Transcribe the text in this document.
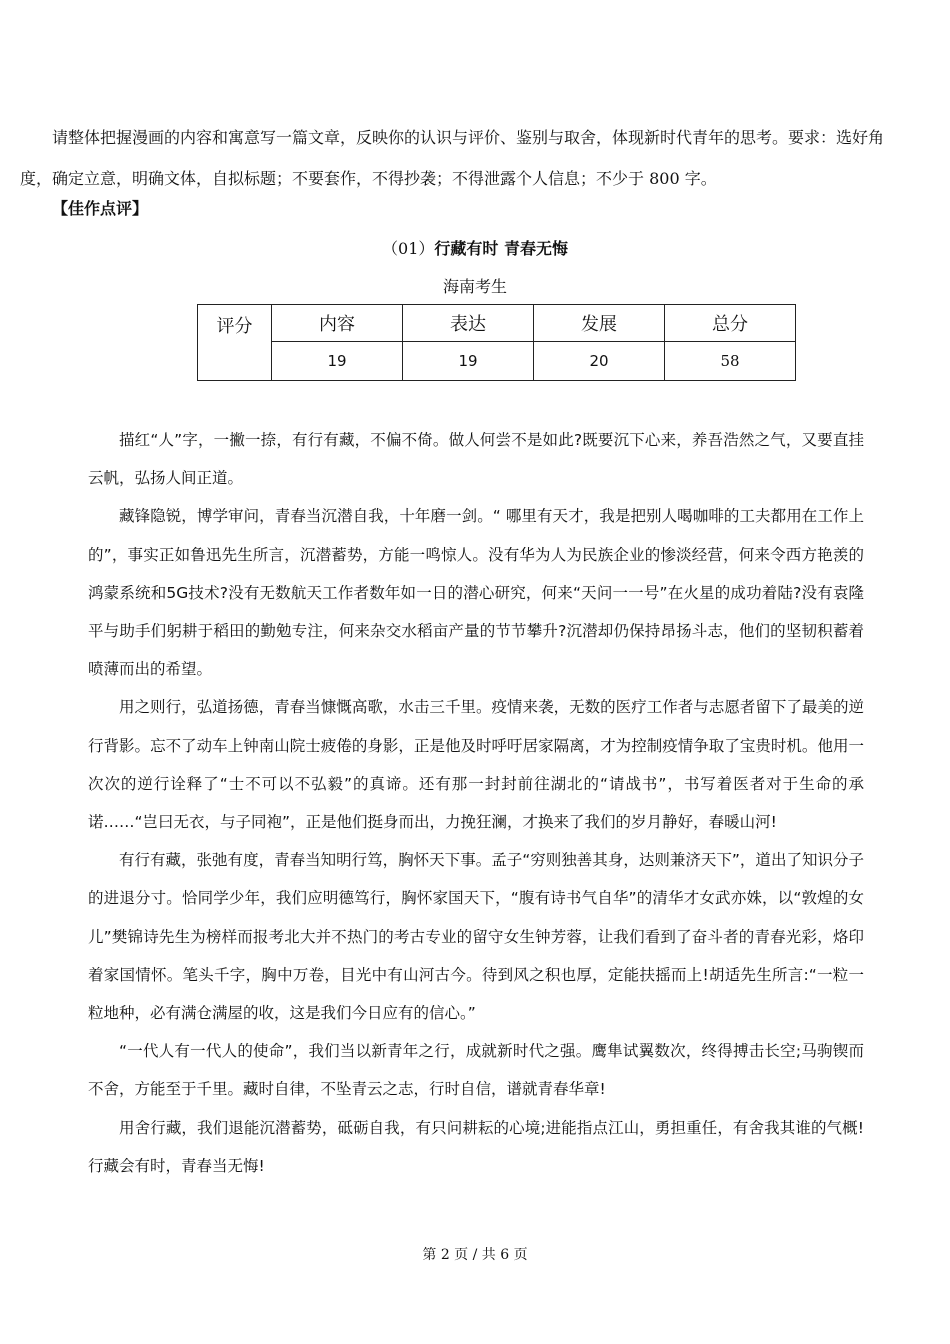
请整体把握漫画的内容和寓意写一篇文章，反映你的认识与评价、鉴别与取舍，体现新时代青年的思考。要求：选好角度，确定立意，明确文体，自拟标题；不要套作，不得抄袭；不得泄露个人信息；不少于 800 字。

【佳作点评】

（01）行藏有时 青春无悔

海南考生

评分	内容	表达	发展	总分
	19	19	20	58

描红“人”字，一撇一捺，有行有藏，不偏不倚。做人何尝不是如此?既要沉下心来，养吾浩然之气，又要直挂云帆，弘扬人间正道。

藏锋隐锐，博学审问，青春当沉潜自我，十年磨一剑。“ 哪里有天才，我是把别人喝咖啡的工夫都用在工作上的”，事实正如鲁迅先生所言，沉潜蓄势，方能一鸣惊人。没有华为人为民族企业的惨淡经营，何来令西方艳羡的鸿蒙系统和5G技术?没有无数航天工作者数年如一日的潜心研究，何来“天问一一号”在火星的成功着陆?没有袁隆平与助手们躬耕于稻田的勤勉专注，何来杂交水稻亩产量的节节攀升?沉潜却仍保持昂扬斗志，他们的坚韧积蓄着喷薄而出的希望。

用之则行，弘道扬德，青春当慷慨高歌，水击三千里。疫情来袭，无数的医疗工作者与志愿者留下了最美的逆行背影。忘不了动车上钟南山院士疲倦的身影，正是他及时呼吁居家隔离，才为控制疫情争取了宝贵时机。他用一次次的逆行诠释了“士不可以不弘毅”的真谛。还有那一封封前往湖北的“请战书”，书写着医者对于生命的承诺……“岂曰无衣，与子同袍”，正是他们挺身而出，力挽狂澜，才换来了我们的岁月静好，春暖山河!

有行有藏，张弛有度，青春当知明行笃，胸怀天下事。孟子“穷则独善其身，达则兼济天下”，道出了知识分子的进退分寸。恰同学少年，我们应明德笃行，胸怀家国天下，“腹有诗书气自华”的清华才女武亦姝，以“敦煌的女儿”樊锦诗先生为榜样而报考北大并不热门的考古专业的留守女生钟芳蓉，让我们看到了奋斗者的青春光彩，烙印着家国情怀。笔头千字，胸中万卷，目光中有山河古今。待到风之积也厚，定能扶摇而上!胡适先生所言:“一粒一粒地种，必有满仓满屋的收，这是我们今日应有的信心。”

“一代人有一代人的使命”，我们当以新青年之行，成就新时代之强。鹰隼试翼数次，终得搏击长空;马驹锲而不舍，方能至于千里。藏时自律，不坠青云之志，行时自信，谱就青春华章!

用舍行藏，我们退能沉潜蓄势，砥砺自我，有只问耕耘的心境;进能指点江山，勇担重任，有舍我其谁的气概!行藏会有时，青春当无悔!

第 2 页 / 共 6 页
